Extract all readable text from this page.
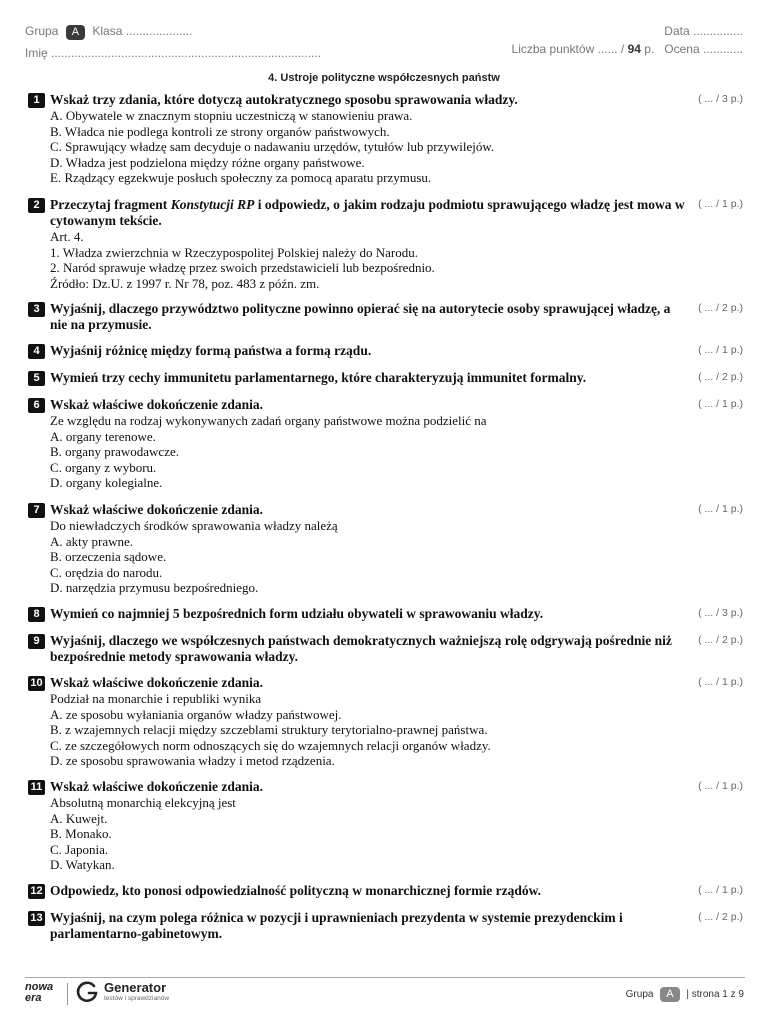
Grupa A Klasa ....................
Imię .................................................................................
Data ...............
Liczba punktów ...... / 94 p. Ocena ............
4. Ustroje polityczne współczesnych państw
1	( ... / 3 p.)
Wskaż trzy zdania, które dotyczą autokratycznego sposobu sprawowania władzy.
A. Obywatele w znacznym stopniu uczestniczą w stanowieniu prawa.
B. Władca nie podlega kontroli ze strony organów państwowych.
C. Sprawujący władzę sam decyduje o nadawaniu urzędów, tytułów lub przywilejów.
D. Władza jest podzielona między różne organy państwowe.
E. Rządzący egzekwuje posłuch społeczny za pomocą aparatu przymusu.
2	( ... / 1 p.)
Przeczytaj fragment Konstytucji RP i odpowiedz, o jakim rodzaju podmiotu sprawującego władzę jest mowa w cytowanym tekście.
Art. 4.
1. Władza zwierzchnia w Rzeczypospolitej Polskiej należy do Narodu.
2. Naród sprawuje władzę przez swoich przedstawicieli lub bezpośrednio.
Źródło: Dz.U. z 1997 r. Nr 78, poz. 483 z późn. zm.
3	( ... / 2 p.)
Wyjaśnij, dlaczego przywództwo polityczne powinno opierać się na autorytecie osoby sprawującej władzę, a nie na przymusie.
4	( ... / 1 p.)
Wyjaśnij różnicę między formą państwa a formą rządu.
5	( ... / 2 p.)
Wymień trzy cechy immunitetu parlamentarnego, które charakteryzują immunitet formalny.
6	( ... / 1 p.)
Wskaż właściwe dokończenie zdania.
Ze względu na rodzaj wykonywanych zadań organy państwowe można podzielić na
A. organy terenowe.
B. organy prawodawcze.
C. organy z wyboru.
D. organy kolegialne.
7	( ... / 1 p.)
Wskaż właściwe dokończenie zdania.
Do niewładczych środków sprawowania władzy należą
A. akty prawne.
B. orzeczenia sądowe.
C. orędzia do narodu.
D. narzędzia przymusu bezpośredniego.
8	( ... / 3 p.)
Wymień co najmniej 5 bezpośrednich form udziału obywateli w sprawowaniu władzy.
9	( ... / 2 p.)
Wyjaśnij, dlaczego we współczesnych państwach demokratycznych ważniejszą rolę odgrywają pośrednie niż bezpośrednie metody sprawowania władzy.
10	( ... / 1 p.)
Wskaż właściwe dokończenie zdania.
Podział na monarchie i republiki wynika
A. ze sposobu wyłaniania organów władzy państwowej.
B. z wzajemnych relacji między szczeblami struktury terytorialno-prawnej państwa.
C. ze szczegółowych norm odnoszących się do wzajemnych relacji organów władzy.
D. ze sposobu sprawowania władzy i metod rządzenia.
11	( ... / 1 p.)
Wskaż właściwe dokończenie zdania.
Absolutną monarchią elekcyjną jest
A. Kuwejt.
B. Monako.
C. Japonia.
D. Watykan.
12	( ... / 1 p.)
Odpowiedz, kto ponosi odpowiedzialność polityczną w monarchicznej formie rządów.
13	( ... / 2 p.)
Wyjaśnij, na czym polega różnica w pozycji i uprawnieniach prezydenta w systemie prezydenckim i parlamentarno-gabinetowym.
nowa
era
Generator
testów i sprawdzianów	Grupa A | strona 1 z 9
